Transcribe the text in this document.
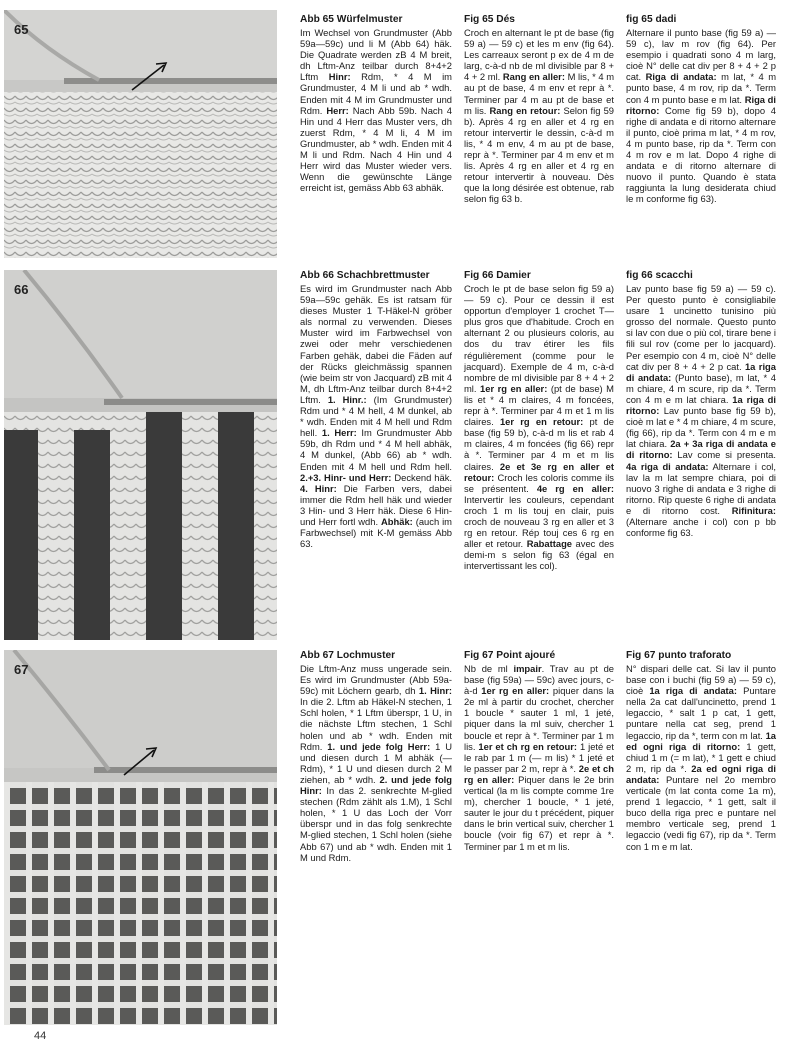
65
66
67

Abb 65 Würfelmuster

Im Wechsel von Grundmuster (Abb 59a—59c) und li M (Abb 64) häk. Die Quadrate werden zB 4 M breit, dh Lftm-Anz teilbar durch 8+4+2 Lftm Hinr: Rdm, * 4 M im Grundmuster, 4 M li und ab * wdh. Enden mit 4 M im Grundmuster und Rdm. Herr: Nach Abb 59b. Nach 4 Hin und 4 Herr das Muster vers, dh zuerst Rdm, * 4 M li, 4 M im Grundmuster, ab * wdh. Enden mit 4 M li und Rdm. Nach 4 Hin und 4 Herr wird das Muster wieder vers. Wenn die gewünschte Länge erreicht ist, gemäss Abb 63 abhäk.

Fig 65 Dés

Croch en alternant le pt de base (fig 59 a) — 59 c) et les m env (fig 64). Les carreaux seront p ex de 4 m de larg, c-à-d nb de ml divisible par 8 + 4 + 2 ml. Rang en aller: M lis, * 4 m au pt de base, 4 m env et repr à *. Terminer par 4 m au pt de base et m lis. Rang en retour: Selon fig 59 b). Après 4 rg en aller et 4 rg en retour intervertir le dessin, c-à-d m lis, * 4 m env, 4 m au pt de base, repr à *. Terminer par 4 m env et m lis. Après 4 rg en aller et 4 rg en retour intervertir à nouveau. Dès que la long désirée est obtenue, rab selon fig 63 b.

fig 65 dadi

Alternare il punto base (fig 59 a) — 59 c), lav m rov (fig 64). Per esempio i quadrati sono 4 m larg, cioè N° delle cat div per 8 + 4 + 2 p cat. Riga di andata: m lat, * 4 m punto base, 4 m rov, rip da *. Term con 4 m punto base e m lat. Riga di ritorno: Come fig 59 b), dopo 4 righe di andata e di ritorno alternare il punto, cioè prima m lat, * 4 m rov, 4 m punto base, rip da *. Term con 4 m rov e m lat. Dopo 4 righe di andata e di ritorno alternare di nuovo il punto. Quando è stata raggiunta la lung desiderata chiud le m conforme fig 63).

Abb 66 Schachbrettmuster

Es wird im Grundmuster nach Abb 59a—59c gehäk. Es ist ratsam für dieses Muster 1 T-Häkel-N gröber als normal zu verwenden. Dieses Muster wird im Farbwechsel von zwei oder mehr verschiedenen Farben gehäk, dabei die Fäden auf der Rücks gleichmässig spannen (wie beim str von Jacquard) zB mit 4 M, dh Lftm-Anz teilbar durch 8+4+2 Lftm. 1. Hinr.: (Im Grundmuster) Rdm und * 4 M hell, 4 M dunkel, ab * wdh. Enden mit 4 M hell und Rdm hell. 1. Herr: Im Grundmuster Abb 59b, dh Rdm und * 4 M hell abhäk, 4 M dunkel, (Abb 66) ab * wdh. Enden mit 4 M hell und Rdm hell. 2.+3. Hinr- und Herr: Deckend häk. 4. Hinr: Die Farben vers, dabei immer die Rdm hell häk und wieder 3 Hin- und 3 Herr häk. Diese 6 Hin- und Herr fortl wdh. Abhäk: (auch im Farbwechsel) mit K-M gemäss Abb 63.

Fig 66 Damier

Croch le pt de base selon fig 59 a) — 59 c). Pour ce dessin il est opportun d'employer 1 crochet T— plus gros que d'habitude. Croch en alternant 2 ou plusieurs coloris, au dos du trav étirer les fils régulièrement (comme pour le jacquard). Exemple de 4 m, c-à-d nombre de ml divisible par 8 + 4 + 2 ml. 1er rg en aller: (pt de base) M lis et * 4 m claires, 4 m foncées, repr à *. Terminer par 4 m et 1 m lis claires. 1er rg en retour: pt de base (fig 59 b), c-à-d m lis et rab 4 m claires, 4 m foncées (fig 66) repr à *. Terminer par 4 m et m lis claires. 2e et 3e rg en aller et retour: Croch les coloris comme ils se présentent. 4e rg en aller: Intervertir les couleurs, cependant croch 1 m lis touj en clair, puis croch de nouveau 3 rg en aller et 3 rg en retour. Rép touj ces 6 rg en aller et retour. Rabattage avec des demi-m s selon fig 63 (égal en intervertissant les col).

fig 66 scacchi

Lav punto base fig 59 a) — 59 c). Per questo punto è consigliabile usare 1 uncinetto tunisino più grosso del normale. Questo punto si lav con due o più col, tirare bene i fili sul rov (come per lo jacquard). Per esempio con 4 m, cioè N° delle cat div per 8 + 4 + 2 p cat. 1a riga di andata: (Punto base), m lat, * 4 m chiare, 4 m scure, rip da *. Term con 4 m e m lat chiara. 1a riga di ritorno: Lav punto base fig 59 b), cioè m lat e * 4 m chiare, 4 m scure, (fig 66), rip da *. Term con 4 m e m lat chiara. 2a + 3a riga di andata e di ritorno: Lav come si presenta. 4a riga di andata: Alternare i col, lav la m lat sempre chiara, poi di nuovo 3 righe di andata e 3 righe di ritorno. Rip queste 6 righe di andata e di ritorno cost. Rifinitura: (Alternare anche i col) con p bb conforme fig 63.

Abb 67 Lochmuster

Die Lftm-Anz muss ungerade sein. Es wird im Grundmuster (Abb 59a-59c) mit Löchern gearb, dh 1. Hinr: In die 2. Lftm ab Häkel-N stechen, 1 Schl holen, * 1 Lftm überspr, 1 U, in die nächste Lftm stechen, 1 Schl holen und ab * wdh. Enden mit Rdm. 1. und jede folg Herr: 1 U und diesen durch 1 M abhäk (— Rdm), * 1 U und diesen durch 2 M ziehen, ab * wdh. 2. und jede folg Hinr: In das 2. senkrechte M-glied stechen (Rdm zählt als 1.M), 1 Schl holen, * 1 U das Loch der Vorr überspr und in das folg senkrechte M-glied stechen, 1 Schl holen (siehe Abb 67) und ab * wdh. Enden mit 1 M und Rdm.

Fig 67 Point ajouré

Nb de ml impair. Trav au pt de base (fig 59a) — 59c) avec jours, c-à-d 1er rg en aller: piquer dans la 2e ml à partir du crochet, chercher 1 boucle * sauter 1 ml, 1 jeté, piquer dans la ml suiv, chercher 1 boucle et repr à *. Terminer par 1 m lis. 1er et ch rg en retour: 1 jeté et le rab par 1 m (— m lis) * 1 jeté et le passer par 2 m, repr à *. 2e et ch rg en aller: Piquer dans le 2e brin vertical (la m lis compte comme 1re m), chercher 1 boucle, * 1 jeté, sauter le jour du t précédent, piquer dans le brin vertical suiv, chercher 1 boucle (voir fig 67) et repr à *. Terminer par 1 m et m lis.

Fig 67 punto traforato

N° dispari delle cat. Si lav il punto base con i buchi (fig 59 a) — 59 c), cioè 1a riga di andata: Puntare nella 2a cat dall'uncinetto, prend 1 legaccio, * salt 1 p cat, 1 gett, puntare nella cat seg, prend 1 legaccio, rip da *, term con m lat. 1a ed ogni riga di ritorno: 1 gett, chiud 1 m (= m lat), * 1 gett e chiud 2 m, rip da *. 2a ed ogni riga di andata: Puntare nel 2o membro verticale (m lat conta come 1a m), prend 1 legaccio, * 1 gett, salt il buco della riga prec e puntare nel membro verticale seg, prend 1 legaccio (vedi fig 67), rip da *. Term con 1 m e m lat.

44
